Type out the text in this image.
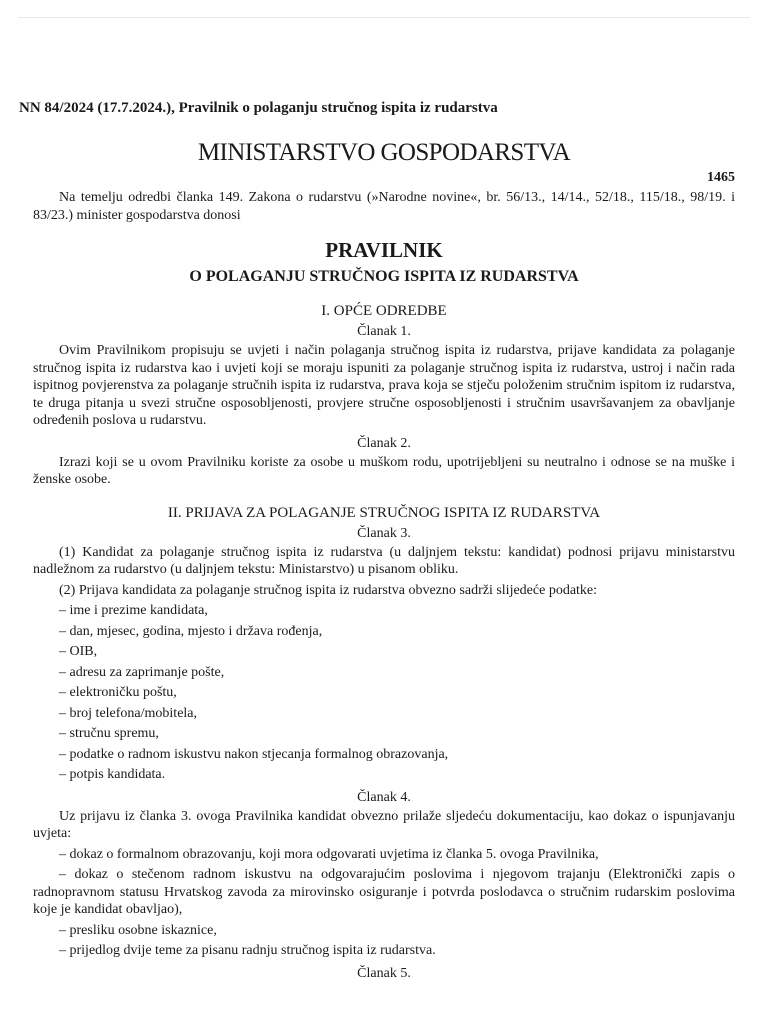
NN 84/2024 (17.7.2024.), Pravilnik o polaganju stručnog ispita iz rudarstva
MINISTARSTVO GOSPODARSTVA
1465

Na temelju odredbi članka 149. Zakona o rudarstvu (»Narodne novine«, br. 56/13., 14/14., 52/18., 115/18., 98/19. i 83/23.) minister gospodarstva donosi

PRAVILNIK
O POLAGANJU STRUČNOG ISPITA IZ RUDARSTVA
I. OPĆE ODREDBE
Članak 1.

Ovim Pravilnikom propisuju se uvjeti i način polaganja stručnog ispita iz rudarstva, prijave kandidata za polaganje stručnog ispita iz rudarstva kao i uvjeti koji se moraju ispuniti za polaganje stručnog ispita iz rudarstva, ustroj i način rada ispitnog povjerenstva za polaganje stručnih ispita iz rudarstva, prava koja se stječu položenim stručnim ispitom iz rudarstva, te druga pitanja u svezi stručne osposobljenosti, provjere stručne osposobljenosti i stručnim usavršavanjem za obavljanje određenih poslova u rudarstvu.

Članak 2.

Izrazi koji se u ovom Pravilniku koriste za osobe u muškom rodu, upotrijebljeni su neutralno i odnose se na muške i ženske osobe.

II. PRIJAVA ZA POLAGANJE STRUČNOG ISPITA IZ RUDARSTVA
Članak 3.

(1) Kandidat za polaganje stručnog ispita iz rudarstva (u daljnjem tekstu: kandidat) podnosi prijavu ministarstvu nadležnom za rudarstvo (u daljnjem tekstu: Ministarstvo) u pisanom obliku.

(2) Prijava kandidata za polaganje stručnog ispita iz rudarstva obvezno sadrži slijedeće podatke:

– ime i prezime kandidata,
– dan, mjesec, godina, mjesto i država rođenja,
– OIB,
– adresu za zaprimanje pošte,
– elektroničku poštu,
– broj telefona/mobitela,
– stručnu spremu,
– podatke o radnom iskustvu nakon stjecanja formalnog obrazovanja,
– potpis kandidata.
Članak 4.

Uz prijavu iz članka 3. ovoga Pravilnika kandidat obvezno prilaže sljedeću dokumentaciju, kao dokaz o ispunjavanju uvjeta:

– dokaz o formalnom obrazovanju, koji mora odgovarati uvjetima iz članka 5. ovoga Pravilnika,
– dokaz o stečenom radnom iskustvu na odgovarajućim poslovima i njegovom trajanju (Elektronički zapis o radnopravnom statusu Hrvatskog zavoda za mirovinsko osiguranje i potvrda poslodavca o stručnim rudarskim poslovima koje je kandidat obavljao),
– presliku osobne iskaznice,
– prijedlog dvije teme za pisanu radnju stručnog ispita iz rudarstva.
Članak 5.
